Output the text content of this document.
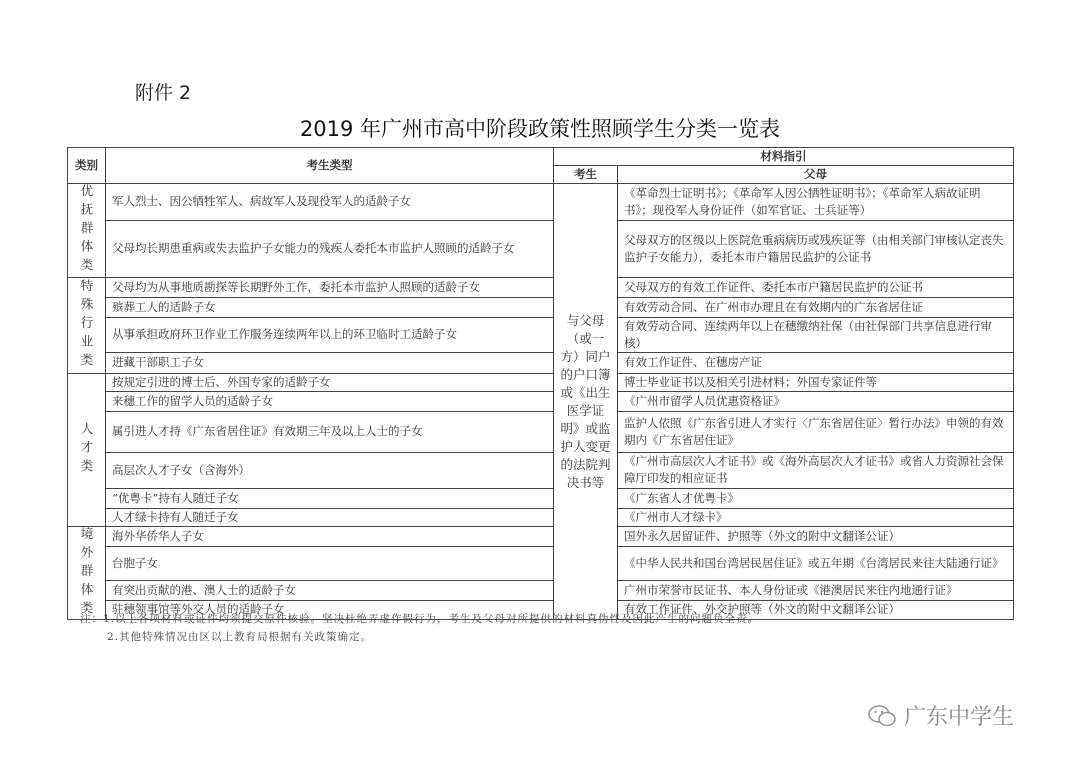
附件 2
2019 年广州市高中阶段政策性照顾学生分类一览表
类别	考生类型	材料指引	
		考生	父母
优抚群体类	军人烈士、因公牺牲军人、病故军人及现役军人的适龄子女	与父母（或一方）同户的户口簿或《出生医学证明》或监护人变更的法院判决书等	《革命烈士证明书》；《革命军人因公牺牲证明书》；《革命军人病故证明书》；现役军人身份证件（如军官证、士兵证等）
	父母均长期患重病或失去监护子女能力的残疾人委托本市监护人照顾的适龄子女		父母双方的区级以上医院危重病病历或残疾证等（由相关部门审核认定丧失监护子女能力），委托本市户籍居民监护的公证书
特殊行业类	父母均为从事地质勘探等长期野外工作，委托本市监护人照顾的适龄子女		父母双方的有效工作证件、委托本市户籍居民监护的公证书
	殡葬工人的适龄子女		有效劳动合同、在广州市办理且在有效期内的广东省居住证
	从事承担政府环卫作业工作服务连续两年以上的环卫临时工适龄子女		有效劳动合同、连续两年以上在穗缴纳社保（由社保部门共享信息进行审核）
	进藏干部职工子女		有效工作证件、在穗房产证
人才类	按规定引进的博士后、外国专家的适龄子女		博士毕业证书以及相关引进材料；外国专家证件等
	来穗工作的留学人员的适龄子女		《广州市留学人员优惠资格证》
	属引进人才持《广东省居住证》有效期三年及以上人士的子女		监护人依照《广东省引进人才实行〈广东省居住证〉暂行办法》申领的有效期内《广东省居住证》
	高层次人才子女（含海外）		《广州市高层次人才证书》或《海外高层次人才证书》或省人力资源社会保障厅印发的相应证书
	“优粤卡”持有人随迁子女		《广东省人才优粤卡》
	人才绿卡持有人随迁子女		《广州市人才绿卡》
境外群体类	海外华侨华人子女		国外永久居留证件、护照等（外文的附中文翻译公证）
	台胞子女		《中华人民共和国台湾居民居住证》或五年期《台湾居民来往大陆通行证》
	有突出贡献的港、澳人士的适龄子女		广州市荣誉市民证书、本人身份证或《港澳居民来往内地通行证》
	驻穗领事馆等外交人员的适龄子女		有效工作证件、外交护照等（外文的附中文翻译公证）
注：1.以上各项材料或证件均须提交原件核验。坚决杜绝弄虚作假行为，考生及父母对所提供的材料真伪性及因此产生的问题负全责。
2.其他特殊情况由区以上教育局根据有关政策确定。
广东中学生
